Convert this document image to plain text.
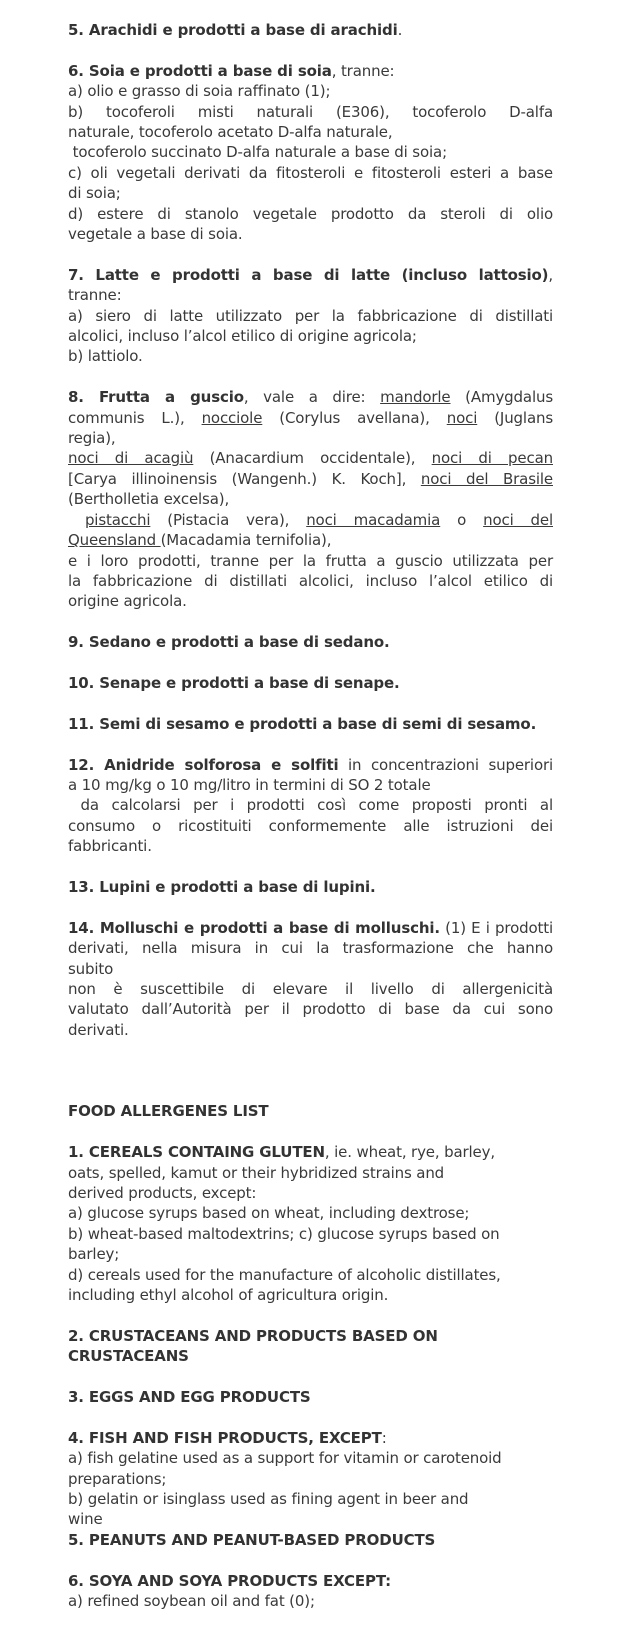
5. Arachidi e prodotti a base di arachidi.
6. Soia e prodotti a base di soia, tranne:
a) olio e grasso di soia raffinato (1);
b) tocoferoli misti naturali (E306), tocoferolo D-alfa
naturale, tocoferolo acetato D-alfa naturale,
tocoferolo succinato D-alfa naturale a base di soia;
c) oli vegetali derivati da fitosteroli e fitosteroli esteri a base
di soia;
d) estere di stanolo vegetale prodotto da steroli di olio
vegetale a base di soia.
7. Latte e prodotti a base di latte (incluso lattosio),
tranne:
a) siero di latte utilizzato per la fabbricazione di distillati
alcolici, incluso l’alcol etilico di origine agricola;
b) lattiolo.
8. Frutta a guscio, vale a dire: mandorle (Amygdalus
communis L.), nocciole (Corylus avellana), noci (Juglans
regia),
noci di acagiù (Anacardium occidentale), noci di pecan
[Carya illinoinensis (Wangenh.) K. Koch], noci del Brasile
(Bertholletia excelsa),
pistacchi (Pistacia vera), noci macadamia o noci del
Queensland (Macadamia ternifolia),
e i loro prodotti, tranne per la frutta a guscio utilizzata per
la fabbricazione di distillati alcolici, incluso l’alcol etilico di
origine agricola.
9. Sedano e prodotti a base di sedano.
10. Senape e prodotti a base di senape.
11. Semi di sesamo e prodotti a base di semi di sesamo.
12. Anidride solforosa e solfiti in concentrazioni superiori
a 10 mg/kg o 10 mg/litro in termini di SO 2 totale
da calcolarsi per i prodotti così come proposti pronti al
consumo o ricostituiti conformemente alle istruzioni dei
fabbricanti.
13. Lupini e prodotti a base di lupini.
14. Molluschi e prodotti a base di molluschi. (1) E i prodotti
derivati, nella misura in cui la trasformazione che hanno
subito
non è suscettibile di elevare il livello di allergenicità
valutato dall’Autorità per il prodotto di base da cui sono
derivati.
FOOD ALLERGENES LIST
1. CEREALS CONTAING GLUTEN, ie. wheat, rye, barley,
oats, spelled, kamut or their hybridized strains and
derived products, except:
a) glucose syrups based on wheat, including dextrose;
b) wheat-based maltodextrins; c) glucose syrups based on
barley;
d) cereals used for the manufacture of alcoholic distillates,
including ethyl alcohol of agricultura origin.
2. CRUSTACEANS AND PRODUCTS BASED ON
CRUSTACEANS
3. EGGS AND EGG PRODUCTS
4. FISH AND FISH PRODUCTS, EXCEPT:
a) fish gelatine used as a support for vitamin or carotenoid
preparations;
b) gelatin or isinglass used as fining agent in beer and
wine
5. PEANUTS AND PEANUT-BASED PRODUCTS
6. SOYA AND SOYA PRODUCTS EXCEPT:
a) refined soybean oil and fat (0);
